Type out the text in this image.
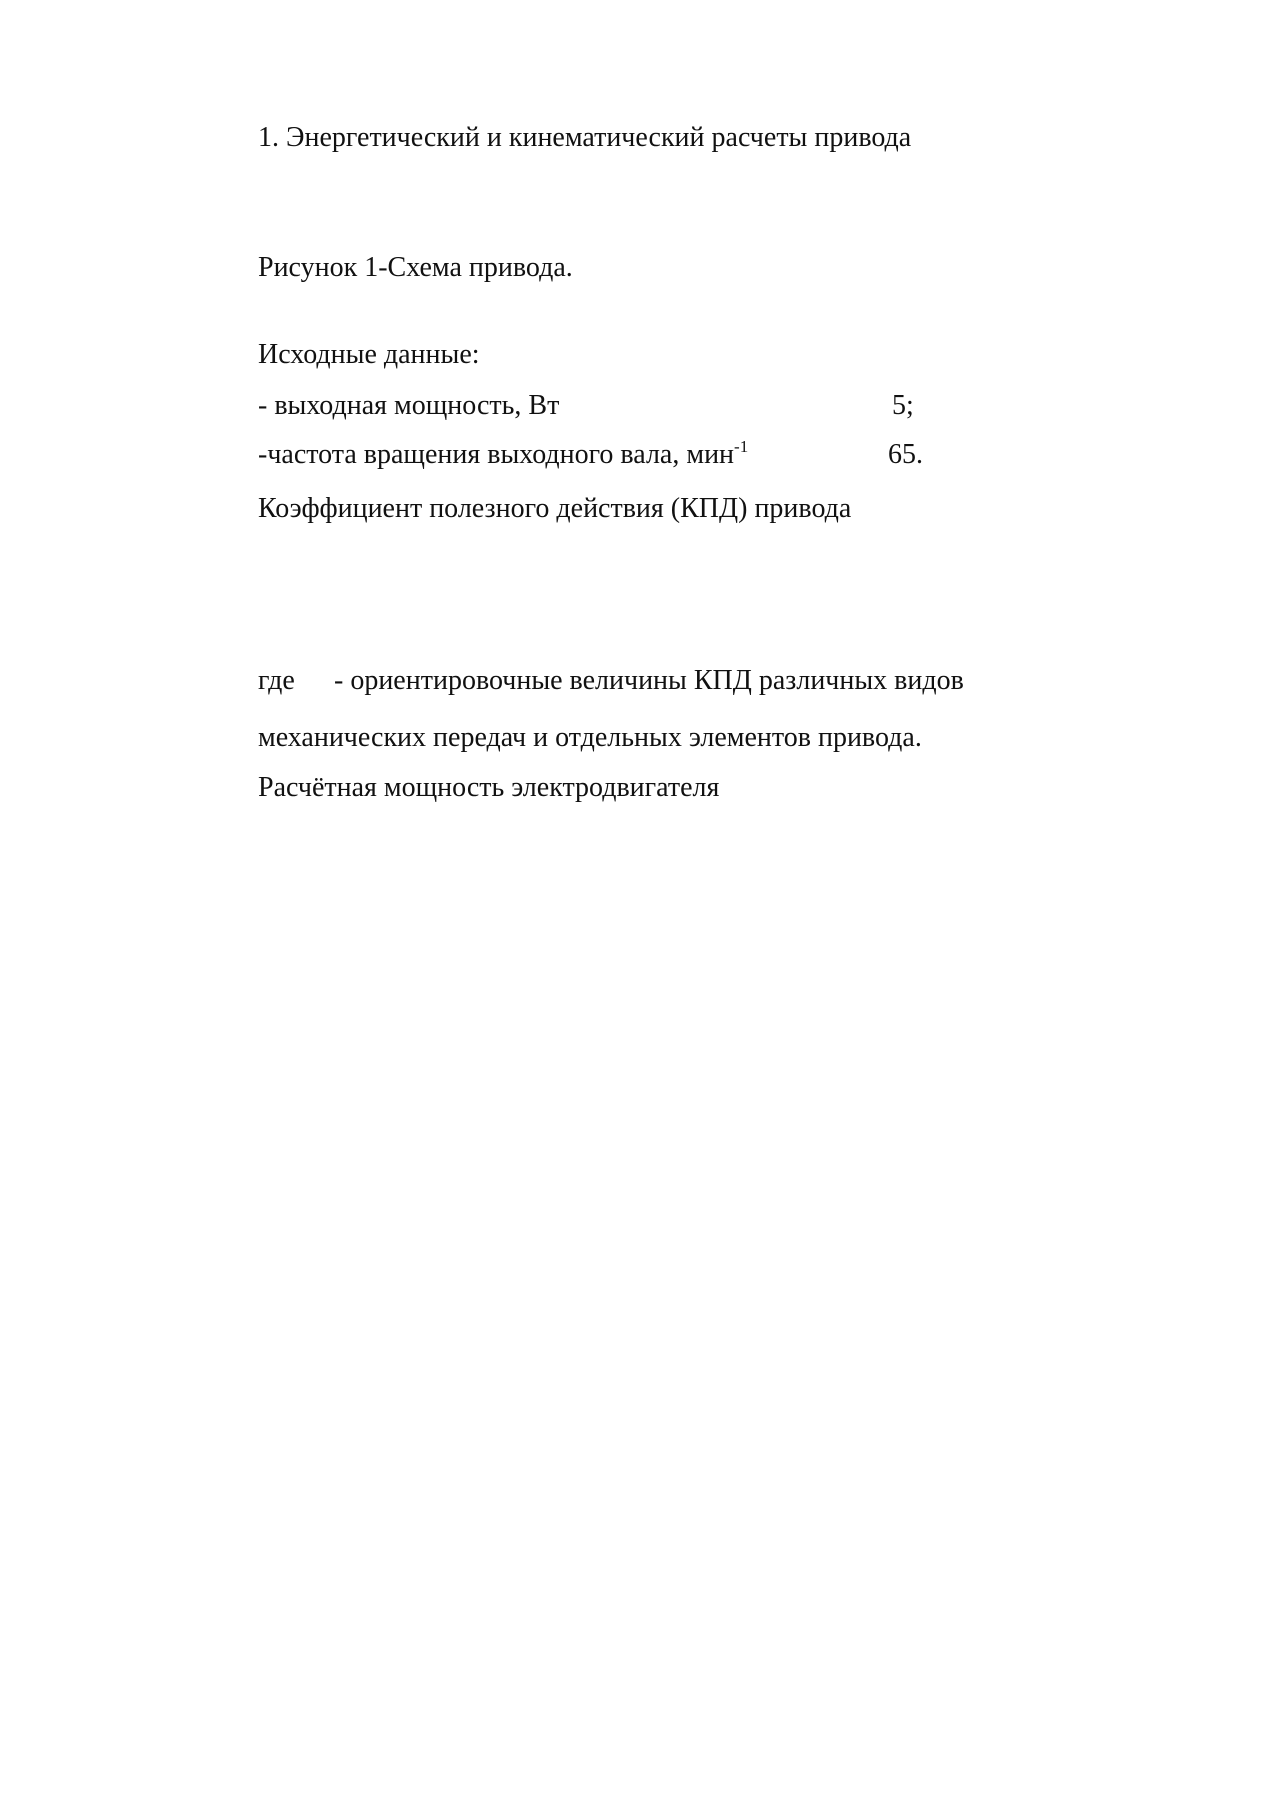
1. Энергетический и кинематический расчеты привода
Рисунок 1-Схема привода.
Исходные данные:
- выходная мощность, Вт	5;
-частота вращения выходного вала, мин$^{-1}$	65.
Коэффициент полезного действия (КПД) привода
где - ориентировочные величины КПД различных видов
механических передач и отдельных элементов привода.
Расчётная мощность электродвигателя
